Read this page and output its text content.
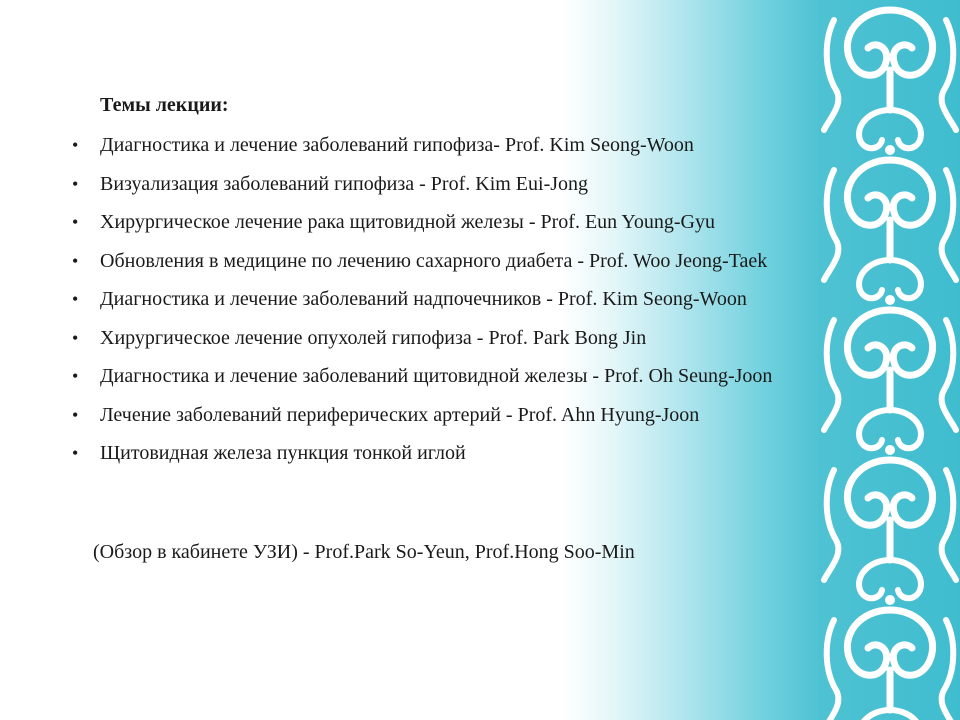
Темы лекции:
• Диагностика и лечение заболеваний гипофиза- Prof. Kim Seong-Woon
• Визуализация заболеваний гипофиза - Prof. Kim Eui-Jong
• Хирургическое лечение рака щитовидной железы - Prof. Eun Young-Gyu
• Обновления в медицине по лечению сахарного диабета - Prof. Woo Jeong-Taek
• Диагностика и лечение заболеваний надпочечников - Prof. Kim Seong-Woon
• Хирургическое лечение опухолей гипофиза - Prof. Park Bong Jin
• Диагностика и лечение заболеваний щитовидной железы - Prof. Oh Seung-Joon
• Лечение заболеваний периферических артерий - Prof. Ahn Hyung-Joon
• Щитовидная железа пункция тонкой иглой
(Обзор в кабинете УЗИ) - Prof.Park So-Yeun, Prof.Hong Soo-Min
